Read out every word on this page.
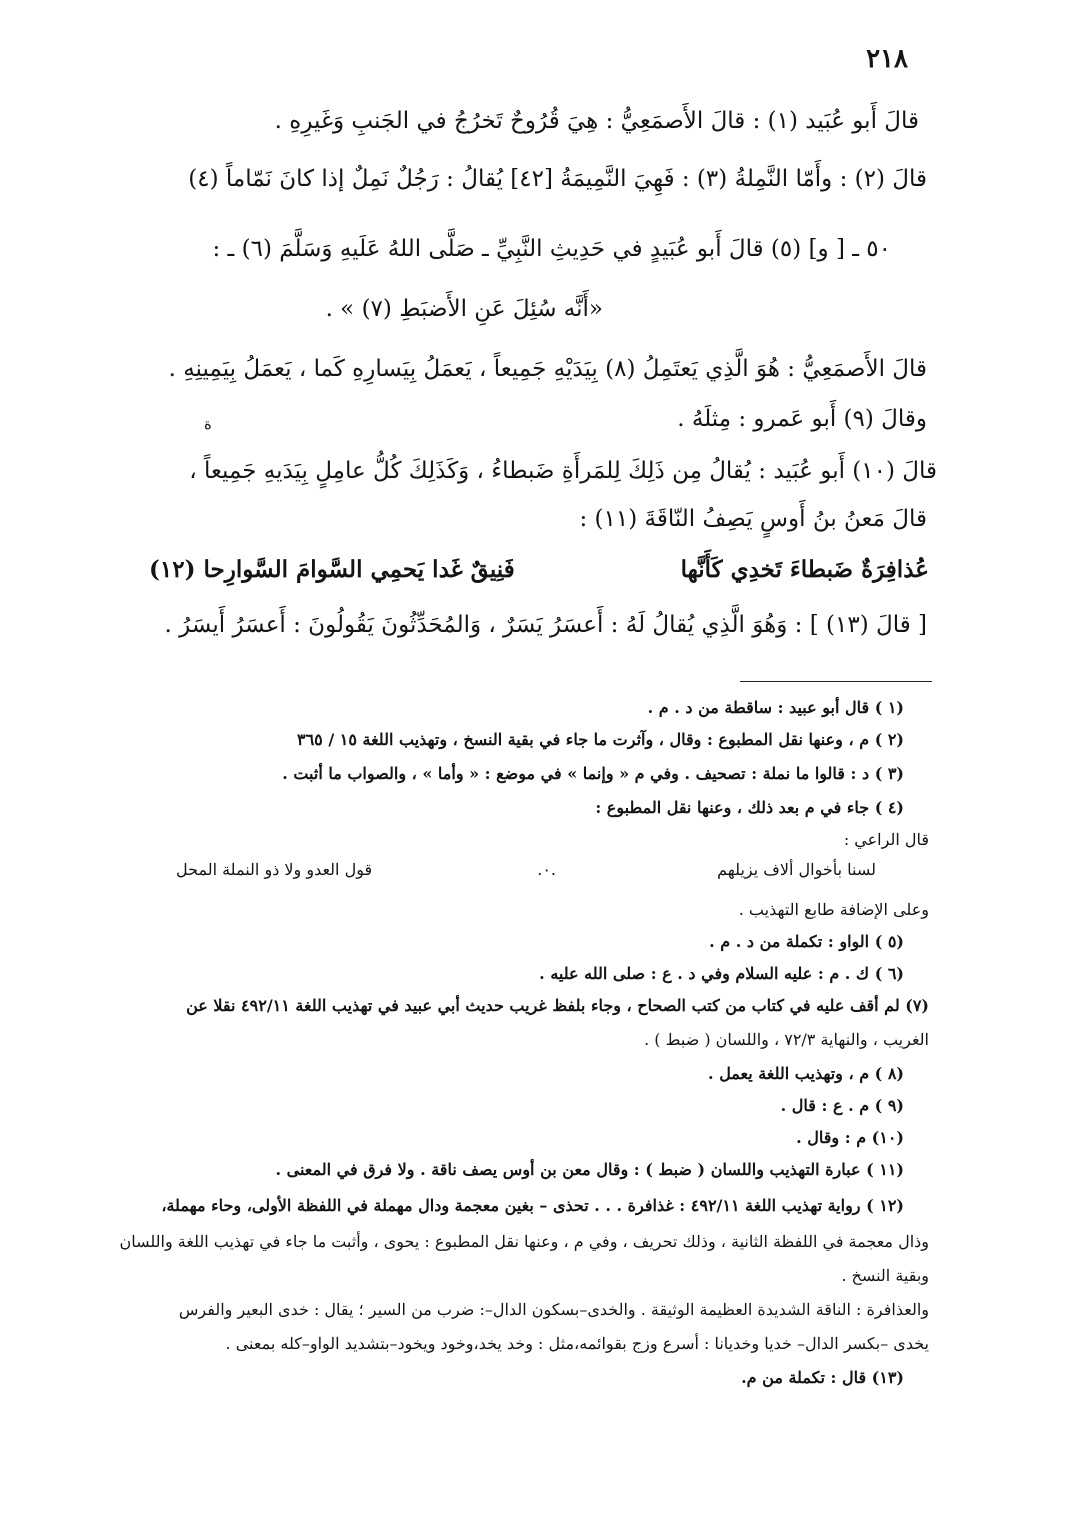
٢١٨
قالَ أَبو عُبَيد (١) : قالَ الأَصمَعِيُّ : هِيَ قُرُوحٌ تَخرُجُ في الجَنبِ وَغَيرِهِ .
قالَ (٢) : وأَمّا النَّمِلةُ (٣) : فَهِيَ النَّمِيمَةُ [٤٢] يُقالُ : رَجُلٌ نَمِلٌ إذا كانَ نَمّاماً (٤)
٥٠ ـ [ و] (٥) قالَ أَبو عُبَيدٍ في حَدِيثِ النَّبِيِّ ـ صَلَّى اللهُ عَلَيهِ وَسَلَّمَ (٦) ـ :
«أَنَّه سُئِلَ عَنِ الأَضبَطِ (٧) » .
قالَ الأَصمَعِيُّ : هُوَ الَّذِي يَعتَمِلُ (٨) بِيَدَيْهِ جَمِيعاً ، يَعمَلُ بِيَسارِهِ كَما ، يَعمَلُ بِيَمِينِهِ .
وقالَ (٩) أَبو عَمرو : مِثلَهُ .
ة
قالَ (١٠) أَبو عُبَيد : يُقالُ مِن ذَلِكَ لِلمَرأَةِ ضَبطاءُ ، وَكَذَلِكَ كُلُّ عامِلٍ بِيَدَيهِ جَمِيعاً ،
قالَ مَعنُ بنُ أَوسٍ يَصِفُ النّاقَةَ (١١) :
عُذافِرَةٌ ضَبطاءَ تَخدِي كَأَنَّها
فَنِيقٌ غَدا يَحمِي السَّوامَ السَّوارِحا (١٢)
[ قالَ (١٣) ] : وَهُوَ الَّذِي يُقالُ لَهُ : أَعسَرُ يَسَرٌ ، وَالمُحَدِّثُونَ يَقُولُونَ : أَعسَرُ أَيسَرُ .
(١ ) قال أبو عبيد : ساقطة من د . م .
(٢ ) م ، وعنها نقل المطبوع : وقال ، وآثرت ما جاء في بقية النسخ ، وتهذيب اللغة ١٥ / ٣٦٥
(٣ ) د : قالوا ما نملة : تصحيف . وفي م « وإنما » في موضع : « وأما » ، والصواب ما أثبت .
(٤ ) جاء في م بعد ذلك ، وعنها نقل المطبوع :
قال الراعي :
لسنا بأخوال ألاف يزيلهم
.٠.
قول العدو ولا ذو النملة المحل
وعلى الإضافة طابع التهذيب .
(٥ ) الواو : تكملة من د . م .
(٦ ) ك . م : عليه السلام وفي د . ع : صلى الله عليه .
(٧) لم أقف عليه في كتاب من كتب الصحاح ، وجاء بلفظ غريب حديث أبي عبيد في تهذيب اللغة ٤٩٢/١١ نقلا عن
الغريب ، والنهاية ٧٢/٣ ، واللسان ( ضبط ) .
(٨ ) م ، وتهذيب اللغة يعمل .
(٩ ) م . ع : قال .
(١٠) م : وقال .
(١١ ) عبارة التهذيب واللسان ( ضبط ) : وقال معن بن أوس يصف ناقة . ولا فرق في المعنى .
(١٢ ) رواية تهذيب اللغة ٤٩٢/١١ : غذافرة . . . تحذى – بغين معجمة ودال مهملة في اللفظة الأولى، وحاء مهملة،
وذال معجمة في اللفظة الثانية ، وذلك تحريف ، وفي م ، وعنها نقل المطبوع : يحوى ، وأثبت ما جاء في تهذيب اللغة واللسان
وبقية النسخ .
والعذافرة : الناقة الشديدة العظيمة الوثيقة . والخدى–بسكون الدال–: ضرب من السير ؛ يقال : خدى البعير والفرس
يخدى –بكسر الدال– خديا وخديانا : أسرع وزج بقوائمه،مثل : وخد يخد،وخود ويخود–بتشديد الواو–كله بمعنى .
(١٣) قال : تكملة من م.
